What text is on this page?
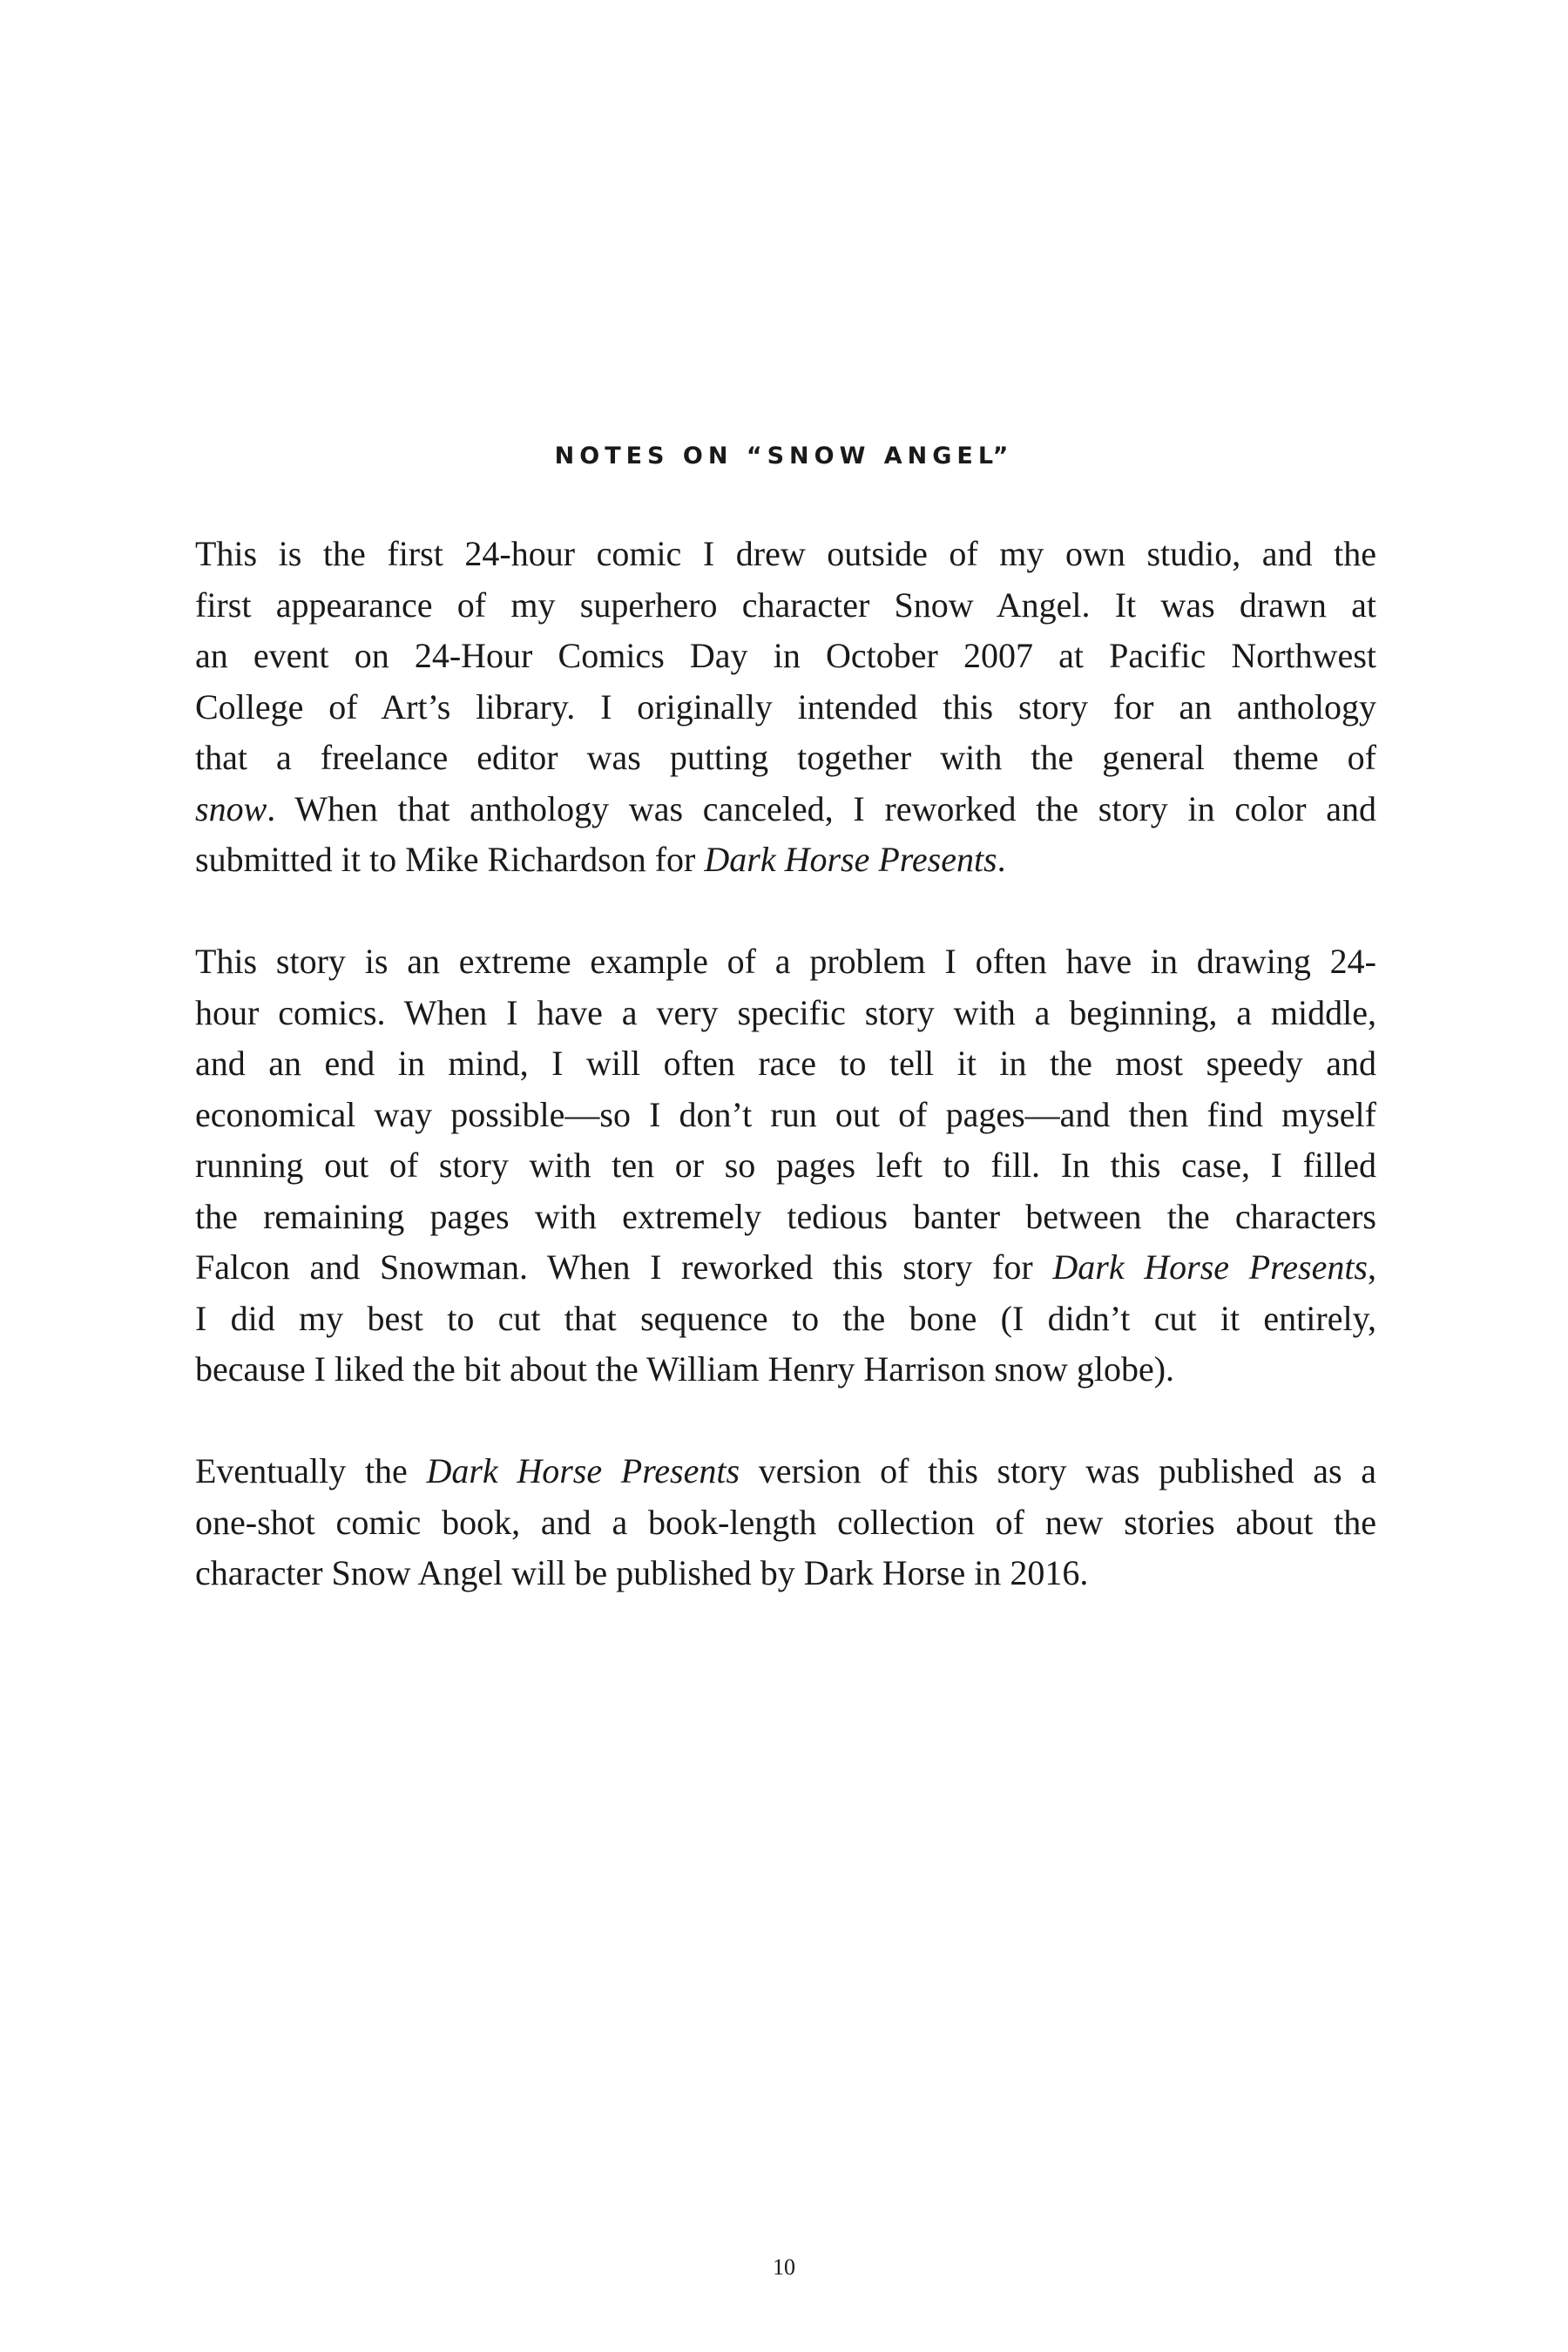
NOTES ON “SNOW ANGEL”
This is the first 24-hour comic I drew outside of my own studio, and the
first appearance of my superhero character Snow Angel. It was drawn at
an event on 24-Hour Comics Day in October 2007 at Pacific Northwest
College of Art’s library. I originally intended this story for an anthology
that a freelance editor was putting together with the general theme of
snow. When that anthology was canceled, I reworked the story in color and
submitted it to Mike Richardson for Dark Horse Presents.
This story is an extreme example of a problem I often have in drawing 24-
hour comics. When I have a very specific story with a beginning, a middle,
and an end in mind, I will often race to tell it in the most speedy and
economical way possible—so I don’t run out of pages—and then find myself
running out of story with ten or so pages left to fill. In this case, I filled
the remaining pages with extremely tedious banter between the characters
Falcon and Snowman. When I reworked this story for Dark Horse Presents,
I did my best to cut that sequence to the bone (I didn’t cut it entirely,
because I liked the bit about the William Henry Harrison snow globe).
Eventually the Dark Horse Presents version of this story was published as a
one-shot comic book, and a book-length collection of new stories about the
character Snow Angel will be published by Dark Horse in 2016.
10
